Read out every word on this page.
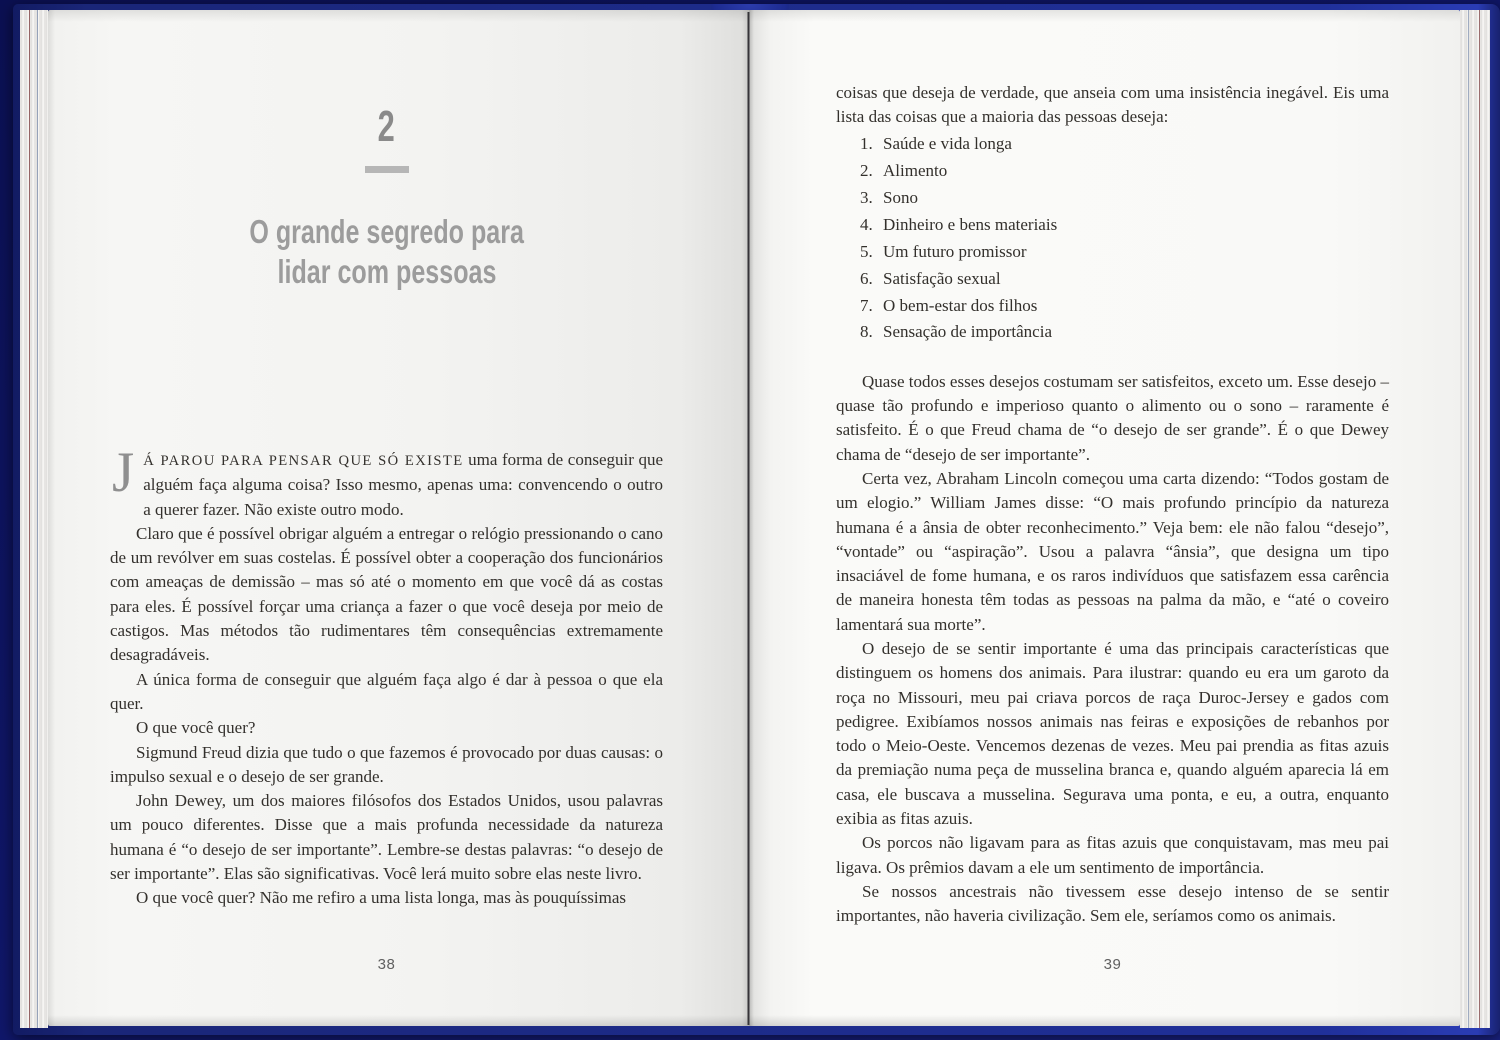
2
O grande segredo para
lidar com pessoas

J Á PAROU PARA PENSAR QUE SÓ EXISTE uma forma de conseguir que alguém faça alguma coisa? Isso mesmo, apenas uma: convencendo o outro a querer fazer. Não existe outro modo.

Claro que é possível obrigar alguém a entregar o relógio pressionando o cano de um revólver em suas costelas. É possível obter a cooperação dos funcionários com ameaças de demissão – mas só até o momento em que você dá as costas para eles. É possível forçar uma criança a fazer o que você deseja por meio de castigos. Mas métodos tão rudimentares têm consequências extremamente desagradáveis.

A única forma de conseguir que alguém faça algo é dar à pessoa o que ela quer.

O que você quer?

Sigmund Freud dizia que tudo o que fazemos é provocado por duas causas: o impulso sexual e o desejo de ser grande.

John Dewey, um dos maiores filósofos dos Estados Unidos, usou palavras um pouco diferentes. Disse que a mais profunda necessidade da natureza humana é “o desejo de ser importante”. Lembre-se destas palavras: “o desejo de ser importante”. Elas são significativas. Você lerá muito sobre elas neste livro.

O que você quer? Não me refiro a uma lista longa, mas às pouquíssimas

38

coisas que deseja de verdade, que anseia com uma insistência inegável. Eis uma lista das coisas que a maioria das pessoas deseja:

1. Saúde e vida longa
2. Alimento
3. Sono
4. Dinheiro e bens materiais
5. Um futuro promissor
6. Satisfação sexual
7. O bem-estar dos filhos
8. Sensação de importância

Quase todos esses desejos costumam ser satisfeitos, exceto um. Esse desejo – quase tão profundo e imperioso quanto o alimento ou o sono – raramente é satisfeito. É o que Freud chama de “o desejo de ser grande”. É o que Dewey chama de “desejo de ser importante”.

Certa vez, Abraham Lincoln começou uma carta dizendo: “Todos gostam de um elogio.” William James disse: “O mais profundo princípio da natureza humana é a ânsia de obter reconhecimento.” Veja bem: ele não falou “desejo”, “vontade” ou “aspiração”. Usou a palavra “ânsia”, que designa um tipo insaciável de fome humana, e os raros indivíduos que satisfazem essa carência de maneira honesta têm todas as pessoas na palma da mão, e “até o coveiro lamentará sua morte”.

O desejo de se sentir importante é uma das principais características que distinguem os homens dos animais. Para ilustrar: quando eu era um garoto da roça no Missouri, meu pai criava porcos de raça Duroc-Jersey e gados com pedigree. Exibíamos nossos animais nas feiras e exposições de rebanhos por todo o Meio-Oeste. Vencemos dezenas de vezes. Meu pai prendia as fitas azuis da premiação numa peça de musselina branca e, quando alguém aparecia lá em casa, ele buscava a musselina. Segurava uma ponta, e eu, a outra, enquanto exibia as fitas azuis.

Os porcos não ligavam para as fitas azuis que conquistavam, mas meu pai ligava. Os prêmios davam a ele um sentimento de importância.

Se nossos ancestrais não tivessem esse desejo intenso de se sentir importantes, não haveria civilização. Sem ele, seríamos como os animais.

39
